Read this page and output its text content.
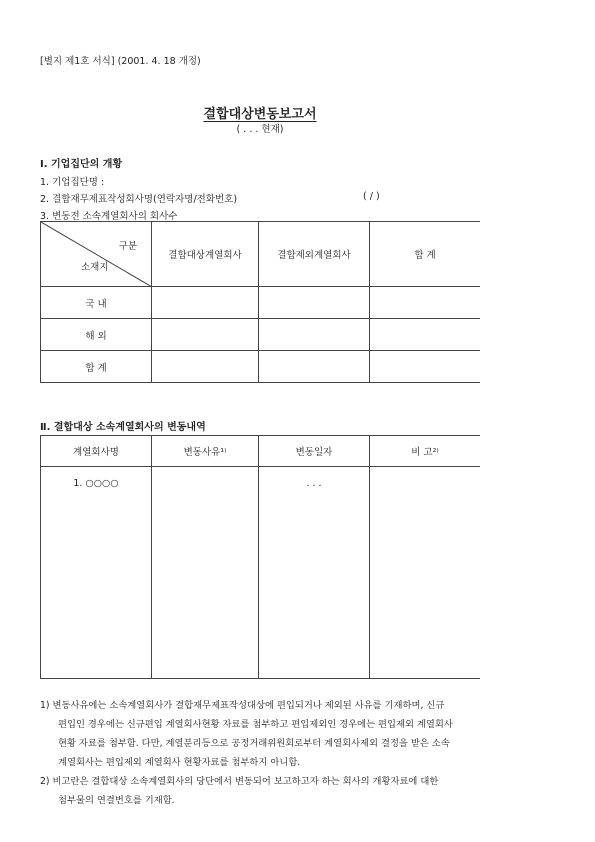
[별지 제1호 서식] (2001. 4. 18 개정)
결합대상변동보고서
( . . . 현재)
Ⅰ. 기업집단의 개황
1. 기업집단명 :
2. 결합재무제표작성회사명(연락자명/전화번호)	( / )
3. 변동전 소속계열회사의 회사수
구분
소재지	결합대상계열회사	결합제외계열회사	합 계
국 내			
해 외			
합 계			
Ⅱ. 결합대상 소속계열회사의 변동내역
계열회사명	변동사유¹⁾	변동일자	비 고²⁾
1. ○○○○		. . .	
1) 변동사유에는 소속계열회사가 결합재무제표작성대상에 편입되거나 제외된 사유를 기재하며, 신규
편입인 경우에는 신규편입 계열회사현황 자료를 첨부하고 편입제외인 경우에는 편입제외 계열회사
현황 자료를 첨부함. 다만, 계열분리등으로 공정거래위원회로부터 계열회사제외 결정을 받은 소속
계열회사는 편입제외 계열회사 현황자료를 첨부하지 아니함.
2) 비고란은 결합대상 소속계열회사의 당단에서 변동되어 보고하고자 하는 회사의 개황자료에 대한
첨부물의 연결번호를 기재함.
